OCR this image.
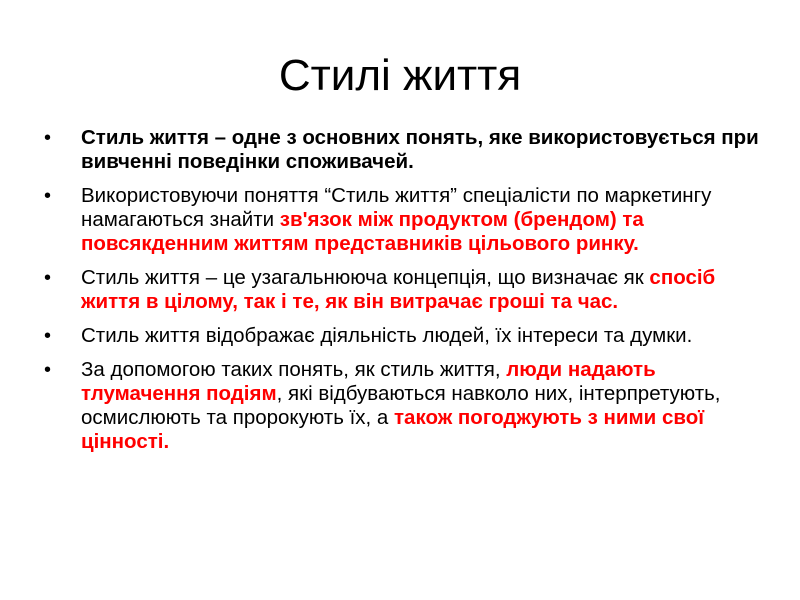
Стилі життя
•	Стиль життя – одне з основних понять, яке використовується при вивченні поведінки споживачей.
•	Використовуючи поняття “Стиль життя” спеціалісти по маркетингу намагаються знайти зв'язок між продуктом (брендом) та повсякденним життям представників цільового ринку.
•	Стиль життя – це узагальнююча концепція, що визначає як спосіб життя в цілому, так і те, як він витрачає гроші та час.
•	Стиль життя відображає діяльність людей, їх інтереси та думки.
•	За допомогою таких понять, як стиль життя, люди надають тлумачення подіям, які відбуваються навколо них, інтерпретують, осмислюють та пророкують їх, а також погоджують з ними свої цінності.
